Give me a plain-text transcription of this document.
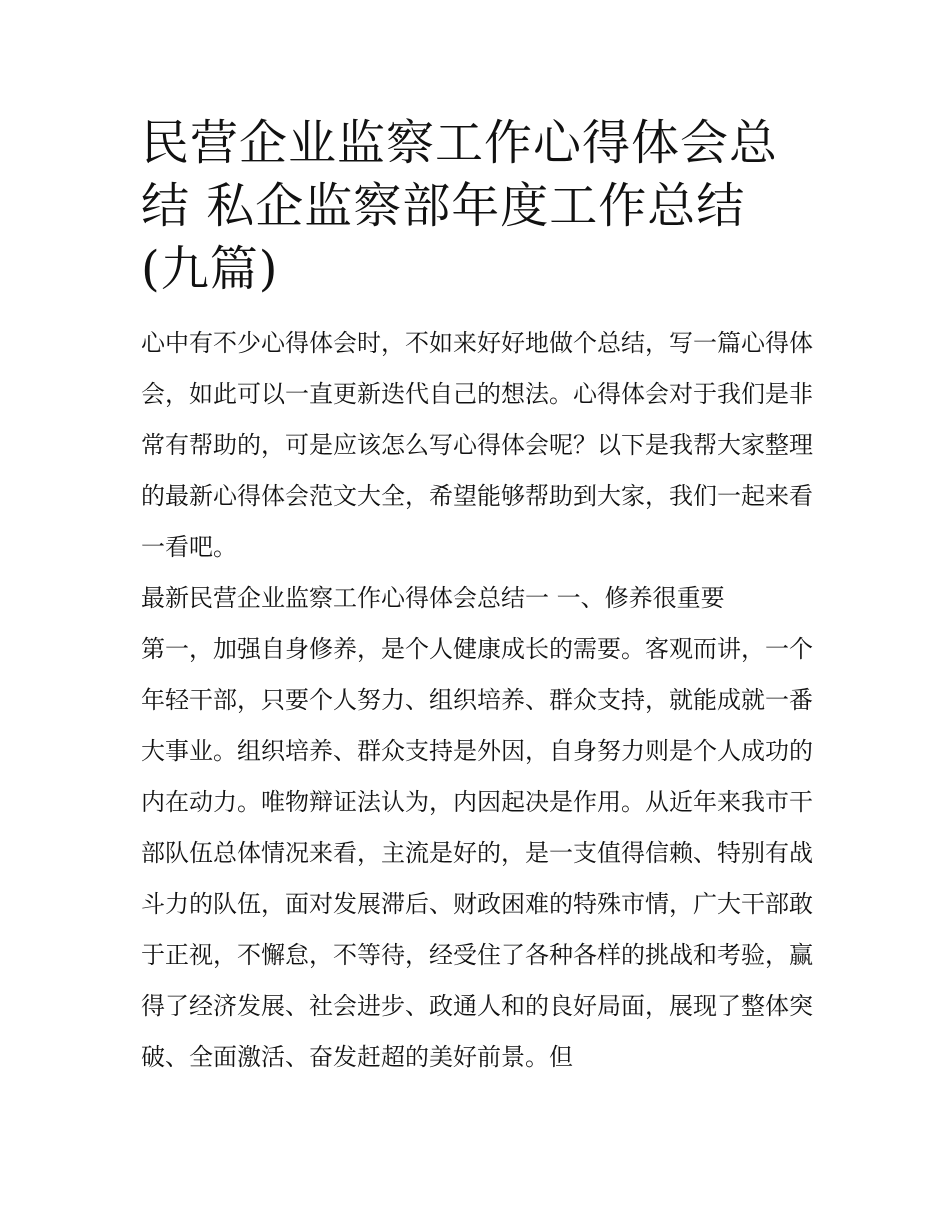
民营企业监察工作心得体会总
结 私企监察部年度工作总结
(九篇)

心中有不少心得体会时，不如来好好地做个总结，写一篇心得体会，如此可以一直更新迭代自己的想法。心得体会对于我们是非常有帮助的，可是应该怎么写心得体会呢？以下是我帮大家整理的最新心得体会范文大全，希望能够帮助到大家，我们一起来看一看吧。

最新民营企业监察工作心得体会总结一 一、修养很重要

第一，加强自身修养，是个人健康成长的需要。客观而讲，一个年轻干部，只要个人努力、组织培养、群众支持，就能成就一番大事业。组织培养、群众支持是外因，自身努力则是个人成功的内在动力。唯物辩证法认为，内因起决是作用。从近年来我市干部队伍总体情况来看，主流是好的，是一支值得信赖、特别有战斗力的队伍，面对发展滞后、财政困难的特殊市情，广大干部敢于正视，不懈怠，不等待，经受住了各种各样的挑战和考验，赢得了经济发展、社会进步、政通人和的良好局面，展现了整体突破、全面激活、奋发赶超的美好前景。但
